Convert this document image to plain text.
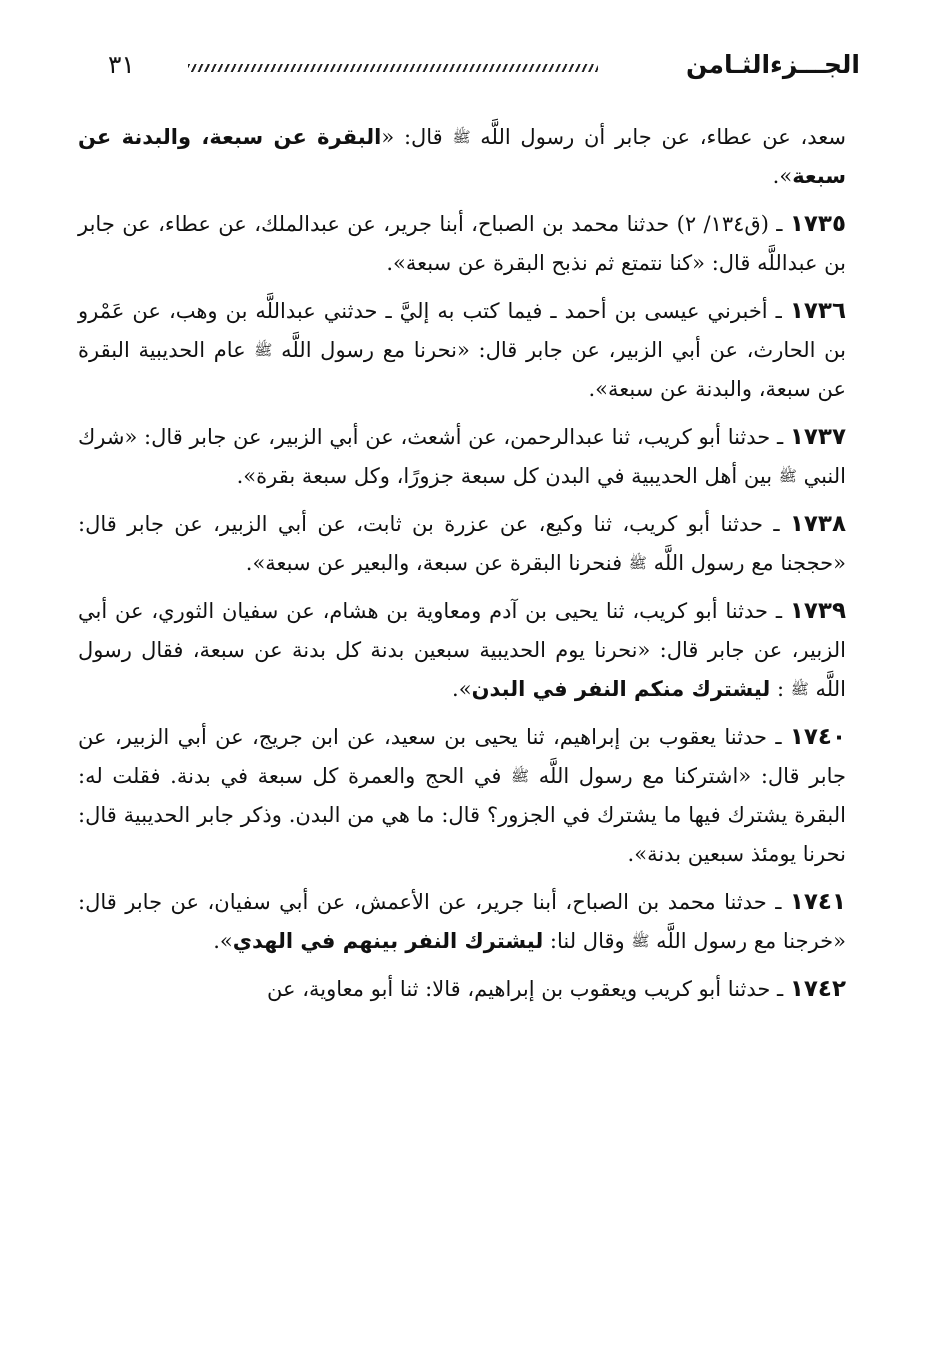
الجـــزءالثـامن
٣١

سعد، عن عطاء، عن جابر أن رسول اللَّه ﷺ قال: «البقرة عن سبعة، والبدنة عن سبعة».

١٧٣٥ ـ (ق١٣٤/ ٢) حدثنا محمد بن الصباح، أبنا جرير، عن عبدالملك، عن عطاء، عن جابر بن عبداللَّه قال: «كنا نتمتع ثم نذبح البقرة عن سبعة».

١٧٣٦ ـ أخبرني عيسى بن أحمد ـ فيما كتب به إليَّ ـ حدثني عبداللَّه بن وهب، عن عَمْرو بن الحارث، عن أبي الزبير، عن جابر قال: «نحرنا مع رسول اللَّه ﷺ عام الحديبية البقرة عن سبعة، والبدنة عن سبعة».

١٧٣٧ ـ حدثنا أبو كريب، ثنا عبدالرحمن، عن أشعث، عن أبي الزبير، عن جابر قال: «شرك النبي ﷺ بين أهل الحديبية في البدن كل سبعة جزورًا، وكل سبعة بقرة».

١٧٣٨ ـ حدثنا أبو كريب، ثنا وكيع، عن عزرة بن ثابت، عن أبي الزبير، عن جابر قال: «حججنا مع رسول اللَّه ﷺ فنحرنا البقرة عن سبعة، والبعير عن سبعة».

١٧٣٩ ـ حدثنا أبو كريب، ثنا يحيى بن آدم ومعاوية بن هشام، عن سفيان الثوري، عن أبي الزبير، عن جابر قال: «نحرنا يوم الحديبية سبعين بدنة كل بدنة عن سبعة، فقال رسول اللَّه ﷺ : ليشترك منكم النفر في البدن».

١٧٤٠ ـ حدثنا يعقوب بن إبراهيم، ثنا يحيى بن سعيد، عن ابن جريج، عن أبي الزبير، عن جابر قال: «اشتركنا مع رسول اللَّه ﷺ في الحج والعمرة كل سبعة في بدنة. فقلت له: البقرة يشترك فيها ما يشترك في الجزور؟ قال: ما هي من البدن. وذكر جابر الحديبية قال: نحرنا يومئذ سبعين بدنة».

١٧٤١ ـ حدثنا محمد بن الصباح، أبنا جرير، عن الأعمش، عن أبي سفيان، عن جابر قال: «خرجنا مع رسول اللَّه ﷺ وقال لنا: ليشترك النفر بينهم في الهدي».

١٧٤٢ ـ حدثنا أبو كريب ويعقوب بن إبراهيم، قالا: ثنا أبو معاوية، عن
